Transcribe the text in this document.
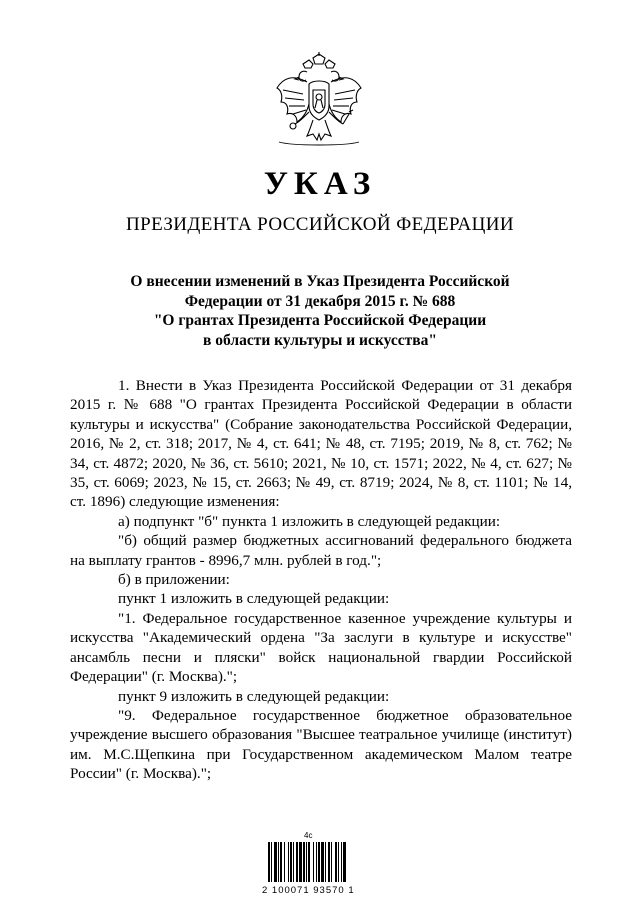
УКАЗ
ПРЕЗИДЕНТА РОССИЙСКОЙ ФЕДЕРАЦИИ
О внесении изменений в Указ Президента Российской
Федерации от 31 декабря 2015 г. № 688
"О грантах Президента Российской Федерации
в области культуры и искусства"

1. Внести в Указ Президента Российской Федерации от 31 декабря 2015 г. № 688 "О грантах Президента Российской Федерации в области культуры и искусства" (Собрание законодательства Российской Федерации, 2016, № 2, ст. 318; 2017, № 4, ст. 641; № 48, ст. 7195; 2019, № 8, ст. 762; № 34, ст. 4872; 2020, № 36, ст. 5610; 2021, № 10, ст. 1571; 2022, № 4, ст. 627; № 35, ст. 6069; 2023, № 15, ст. 2663; № 49, ст. 8719; 2024, № 8, ст. 1101; № 14, ст. 1896) следующие изменения:

а) подпункт "б" пункта 1 изложить в следующей редакции:

"б) общий размер бюджетных ассигнований федерального бюджета на выплату грантов - 8996,7 млн. рублей в год.";

б) в приложении:

пункт 1 изложить в следующей редакции:

"1. Федеральное государственное казенное учреждение культуры и искусства "Академический ордена "За заслуги в культуре и искусстве" ансамбль песни и пляски" войск национальной гвардии Российской Федерации" (г. Москва).";

пункт 9 изложить в следующей редакции:

"9. Федеральное государственное бюджетное образовательное учреждение высшего образования "Высшее театральное училище (институт) им. М.С.Щепкина при Государственном академическом Малом театре России" (г. Москва).";

4с
2 100071 93570 1
